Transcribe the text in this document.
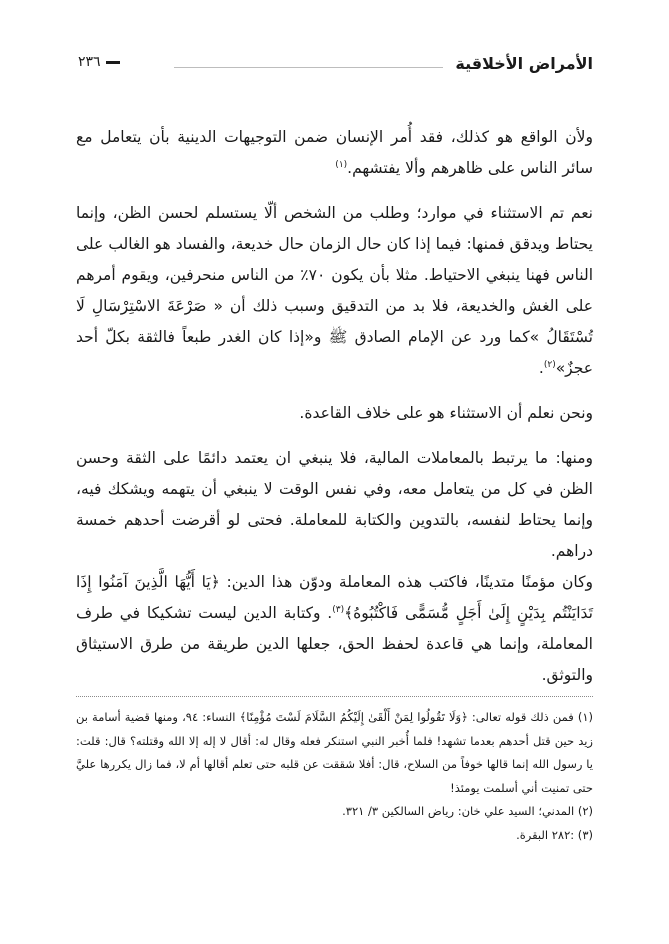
الأمراض الأخلاقية
٢٣٦

ولأن الواقع هو كذلك، فقد أُمر الإنسان ضمن التوجيهات الدينية بأن يتعامل مع سائر الناس على ظاهرهم وألا يفتشهم.$^{(١)}$

نعم تم الاستثناء في موارد؛ وطلب من الشخص ألّا يستسلم لحسن الظن، وإنما يحتاط ويدقق فمنها: فيما إذا كان حال الزمان حال خديعة، والفساد هو الغالب على الناس فهنا ينبغي الاحتياط. مثلا بأن يكون ٧٠٪ من الناس منحرفين، ويقوم أمرهم على الغش والخديعة، فلا بد من التدقيق وسبب ذلك أن « صَرْعَةَ الاسْتِرْسَالِ لَا تُسْتَقَالُ »كما ورد عن الإمام الصادق ﷺ و«إذا كان الغدر طبعاً فالثقة بكلّ أحد عجزٌ»$^{(٢)}$.

ونحن نعلم أن الاستثناء هو على خلاف القاعدة.

ومنها: ما يرتبط بالمعاملات المالية، فلا ينبغي ان يعتمد دائمًا على الثقة وحسن الظن في كل من يتعامل معه، وفي نفس الوقت لا ينبغي أن يتهمه ويشكك فيه، وإنما يحتاط لنفسه، بالتدوين والكتابة للمعاملة. فحتى لو أقرضت أحدهم خمسة دراهم.

وكان مؤمنًا متدينًا، فاكتب هذه المعاملة ودوّن هذا الدين: ﴿يَا أَيُّهَا الَّذِينَ آمَنُوا إِذَا تَدَايَنْتُم بِدَيْنٍ إِلَىٰ أَجَلٍ مُّسَمًّى فَاكْتُبُوهُ﴾$^{(٣)}$. وكتابة الدين ليست تشكيكا في طرف المعاملة، وإنما هي قاعدة لحفظ الحق، جعلها الدين طريقة من طرق الاستيثاق والتوثق.

(١) فمن ذلك قوله تعالى: ﴿وَلَا تَقُولُوا لِمَنْ أَلْقَىٰ إِلَيْكُمُ السَّلَامَ لَسْتَ مُؤْمِنًا﴾ النساء: ٩٤، ومنها قضية أسامة بن زيد حين قتل أحدهم بعدما تشهد! فلما أُخبر النبي استنكر فعله وقال له: أقال لا إله إلا الله وقتلته؟ قال: قلت: يا رسول الله إنما قالها خوفاً من السلاح، قال: أفلا شققت عن قلبه حتى تعلم أقالها أم لا، فما زال يكررها عليَّ حتى تمنيت أني أسلمت يومئذ!

(٢) المدني؛ السيد علي خان: رياض السالكين ٣/ ٣٢١.

(٣) :٢٨٢ البقرة.
